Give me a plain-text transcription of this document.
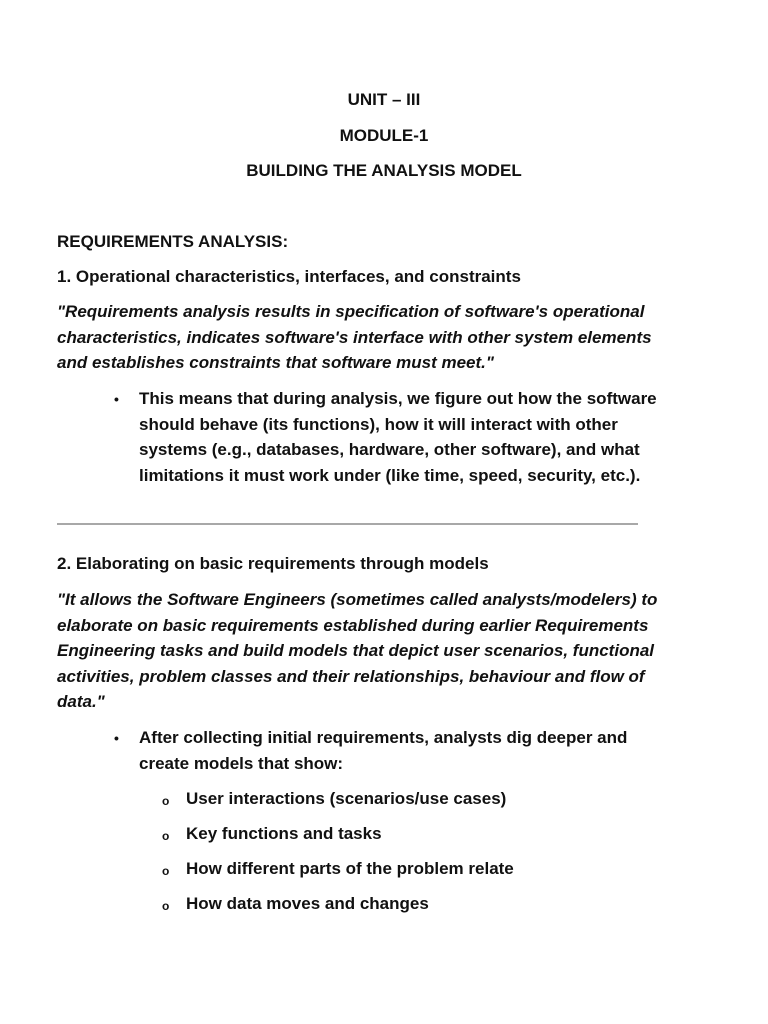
UNIT – III
MODULE-1
BUILDING THE ANALYSIS MODEL
REQUIREMENTS ANALYSIS:
1. Operational characteristics, interfaces, and constraints
"Requirements analysis results in specification of software's operational characteristics, indicates software's interface with other system elements and establishes constraints that software must meet."
• This means that during analysis, we figure out how the software should behave (its functions), how it will interact with other systems (e.g., databases, hardware, other software), and what limitations it must work under (like time, speed, security, etc.).
2. Elaborating on basic requirements through models
"It allows the Software Engineers (sometimes called analysts/modelers) to elaborate on basic requirements established during earlier Requirements Engineering tasks and build models that depict user scenarios, functional activities, problem classes and their relationships, behaviour and flow of data."
• After collecting initial requirements, analysts dig deeper and create models that show:
o User interactions (scenarios/use cases)
o Key functions and tasks
o How different parts of the problem relate
o How data moves and changes
